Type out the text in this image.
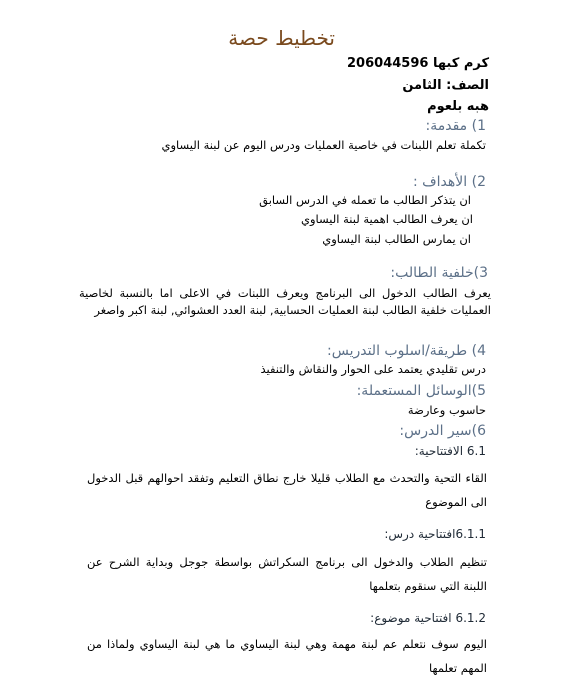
تخطيط حصة
كرم كبها 206044596
الصف: الثامن
هبه بلعوم
1) مقدمة:
تكملة تعلم اللبنات في خاصية العمليات ودرس اليوم عن لبنة اليساوي
2) الأهداف :
ان يتذكر الطالب ما تعمله في الدرس السابق
ان يعرف الطالب اهمية لبنة اليساوي
ان يمارس الطالب لبنة اليساوي
3)خلفية الطالب:
يعرف الطالب الدخول الى البرنامج ويعرف اللبنات في الاعلى اما بالنسبة لخاصية العمليات خلفية الطالب لبنة العمليات الحسابية, لبنة العدد العشوائي, لبنة اكبر واصغر
4) طريقة/اسلوب التدريس:
درس تقليدي يعتمد على الحوار والنقاش والتنفيذ
5)الوسائل المستعملة:
حاسوب وعارضة
6)سير الدرس:
6.1 الافتتاحية:
القاء التحية والتحدث مع الطلاب قليلا خارج نطاق التعليم وتفقد احوالهم قبل الدخول الى الموضوع
6.1.1افتتاحية درس:
تنظيم الطلاب والدخول الى برنامج السكراتش بواسطة جوجل وبداية الشرح عن اللبنة التي سنقوم بتعلمها
6.1.2 افتتاحية موضوع:
اليوم سوف نتعلم عم لبنة مهمة وهي لبنة اليساوي ما هي لبنة اليساوي ولماذا من المهم تعلمها
